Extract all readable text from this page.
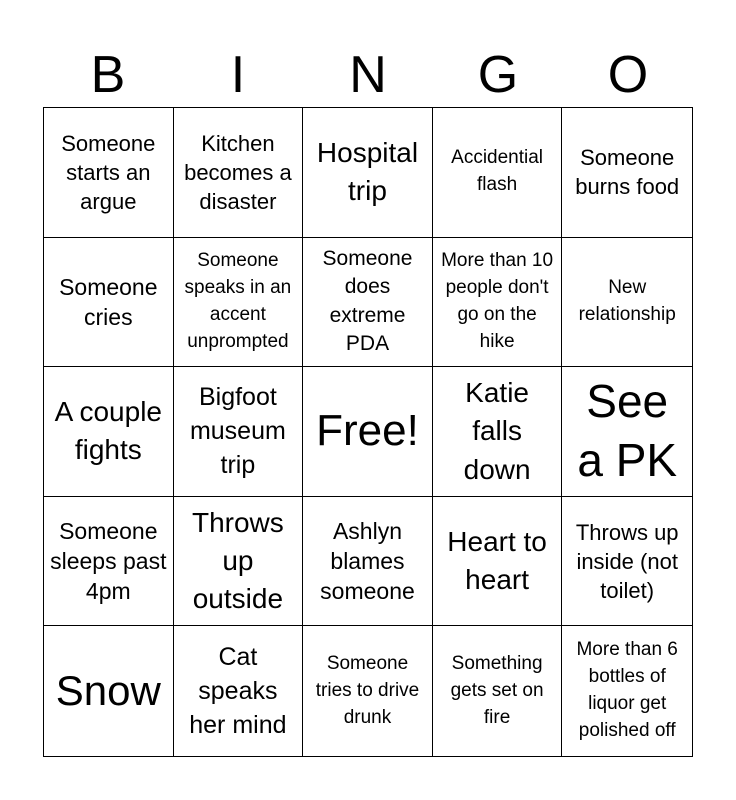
B	I	N	G	O
Someone starts an argue
Kitchen becomes a disaster
Hospital trip
Accidential flash
Someone burns food
Someone cries
Someone speaks in an accent unprompted
Someone does extreme PDA
More than 10 people don't go on the hike
New relationship
A couple fights
Bigfoot museum trip
Free!
Katie falls down
See a PK
Someone sleeps past 4pm
Throws up outside
Ashlyn blames someone
Heart to heart
Throws up inside (not toilet)
Snow
Cat speaks her mind
Someone tries to drive drunk
Something gets set on fire
More than 6 bottles of liquor get polished off
